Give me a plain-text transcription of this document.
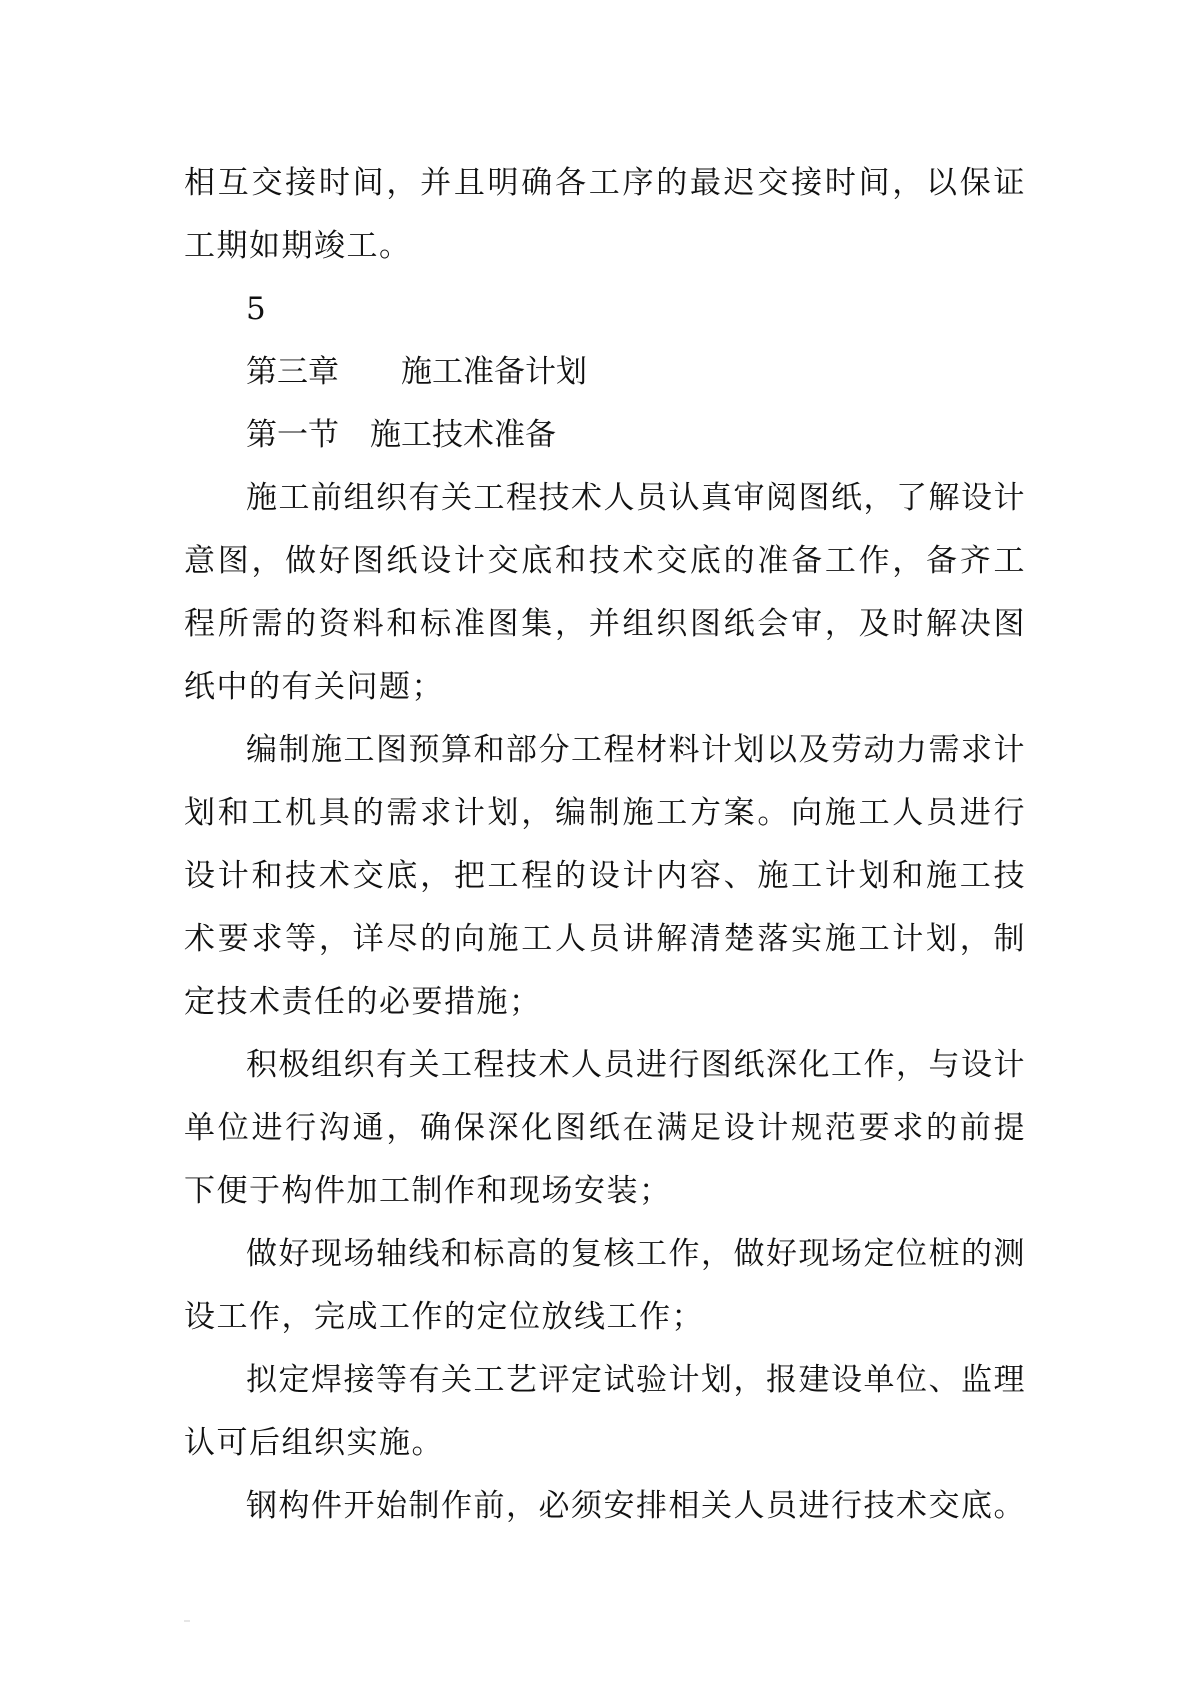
相互交接时间，并且明确各工序的最迟交接时间，以保证工期如期竣工。

5

第三章　　施工准备计划

第一节　施工技术准备

施工前组织有关工程技术人员认真审阅图纸，了解设计意图，做好图纸设计交底和技术交底的准备工作，备齐工程所需的资料和标准图集，并组织图纸会审，及时解决图纸中的有关问题；

编制施工图预算和部分工程材料计划以及劳动力需求计划和工机具的需求计划，编制施工方案。向施工人员进行设计和技术交底，把工程的设计内容、施工计划和施工技术要求等，详尽的向施工人员讲解清楚落实施工计划，制定技术责任的必要措施；

积极组织有关工程技术人员进行图纸深化工作，与设计单位进行沟通，确保深化图纸在满足设计规范要求的前提下便于构件加工制作和现场安装；

做好现场轴线和标高的复核工作，做好现场定位桩的测设工作，完成工作的定位放线工作；

拟定焊接等有关工艺评定试验计划，报建设单位、监理认可后组织实施。

钢构件开始制作前，必须安排相关人员进行技术交底。
